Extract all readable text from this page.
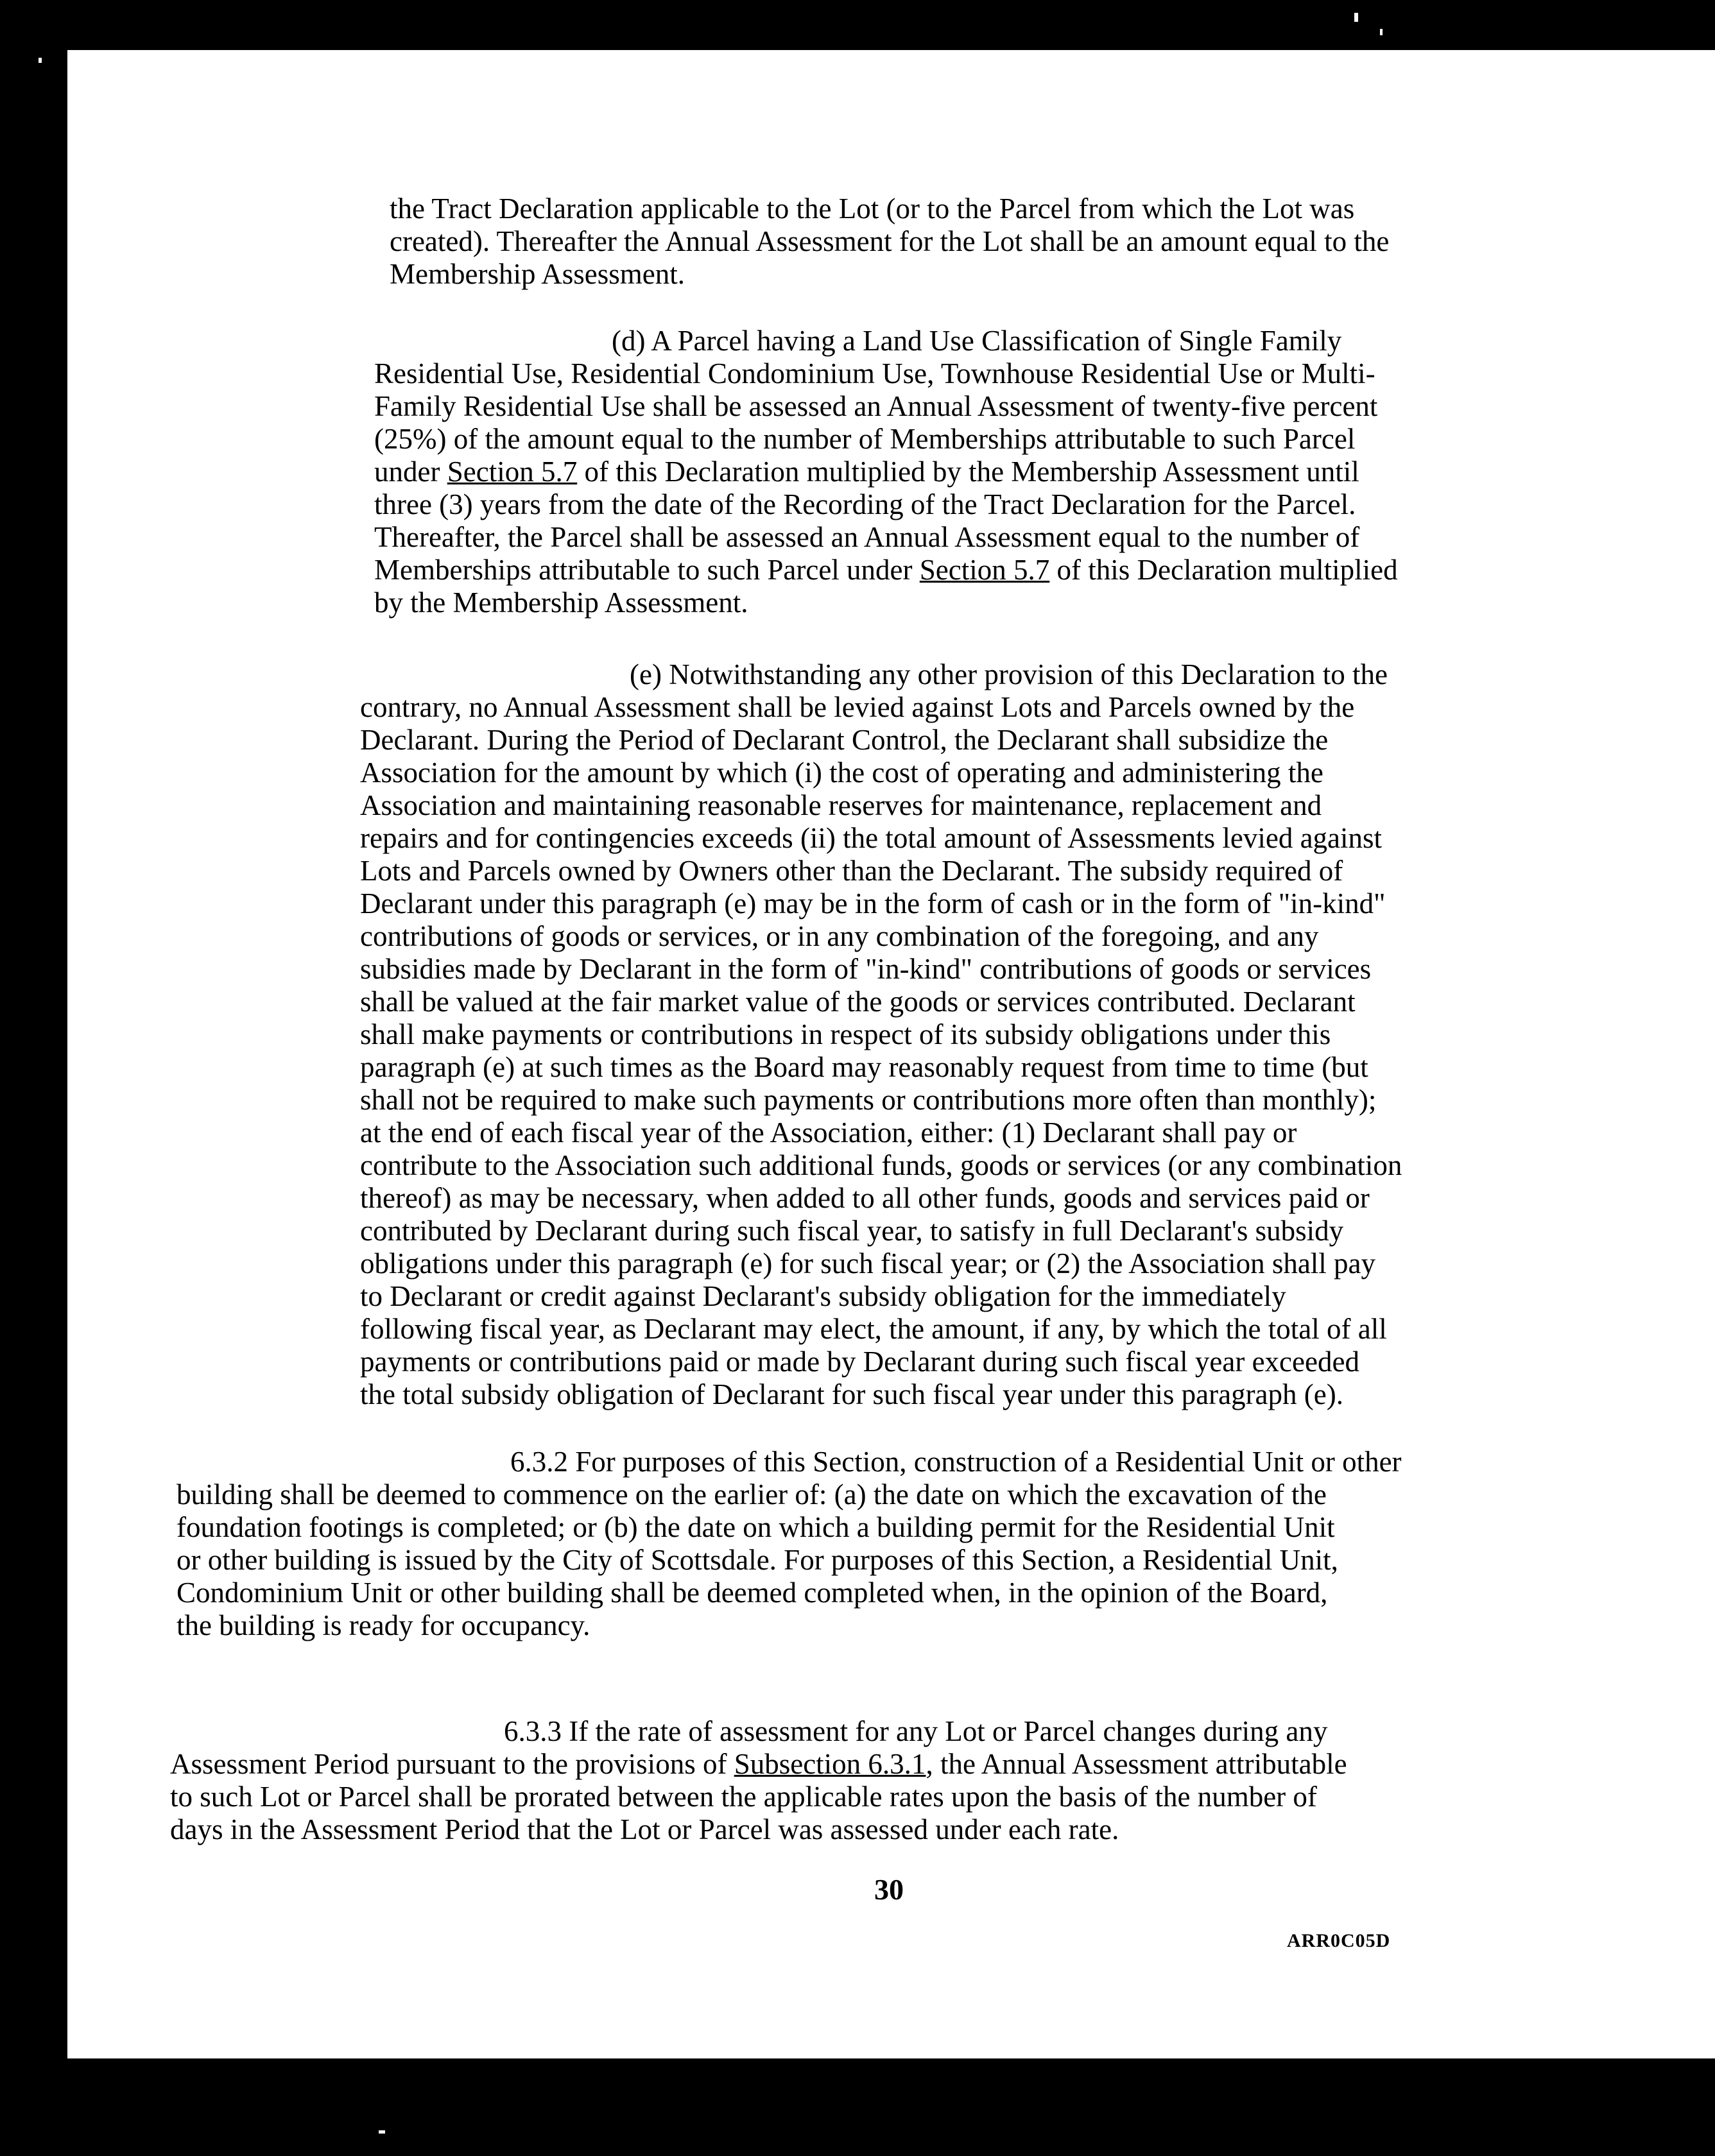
the Tract Declaration applicable to the Lot (or to the Parcel from which the Lot was
created). Thereafter the Annual Assessment for the Lot shall be an amount equal to the
Membership Assessment.
(d) A Parcel having a Land Use Classification of Single Family
Residential Use, Residential Condominium Use, Townhouse Residential Use or Multi-
Family Residential Use shall be assessed an Annual Assessment of twenty-five percent
(25%) of the amount equal to the number of Memberships attributable to such Parcel
under Section 5.7 of this Declaration multiplied by the Membership Assessment until
three (3) years from the date of the Recording of the Tract Declaration for the Parcel.
Thereafter, the Parcel shall be assessed an Annual Assessment equal to the number of
Memberships attributable to such Parcel under Section 5.7 of this Declaration multiplied
by the Membership Assessment.
(e) Notwithstanding any other provision of this Declaration to the
contrary, no Annual Assessment shall be levied against Lots and Parcels owned by the
Declarant. During the Period of Declarant Control, the Declarant shall subsidize the
Association for the amount by which (i) the cost of operating and administering the
Association and maintaining reasonable reserves for maintenance, replacement and
repairs and for contingencies exceeds (ii) the total amount of Assessments levied against
Lots and Parcels owned by Owners other than the Declarant. The subsidy required of
Declarant under this paragraph (e) may be in the form of cash or in the form of "in-kind"
contributions of goods or services, or in any combination of the foregoing, and any
subsidies made by Declarant in the form of "in-kind" contributions of goods or services
shall be valued at the fair market value of the goods or services contributed. Declarant
shall make payments or contributions in respect of its subsidy obligations under this
paragraph (e) at such times as the Board may reasonably request from time to time (but
shall not be required to make such payments or contributions more often than monthly);
at the end of each fiscal year of the Association, either: (1) Declarant shall pay or
contribute to the Association such additional funds, goods or services (or any combination
thereof) as may be necessary, when added to all other funds, goods and services paid or
contributed by Declarant during such fiscal year, to satisfy in full Declarant's subsidy
obligations under this paragraph (e) for such fiscal year; or (2) the Association shall pay
to Declarant or credit against Declarant's subsidy obligation for the immediately
following fiscal year, as Declarant may elect, the amount, if any, by which the total of all
payments or contributions paid or made by Declarant during such fiscal year exceeded
the total subsidy obligation of Declarant for such fiscal year under this paragraph (e).
6.3.2 For purposes of this Section, construction of a Residential Unit or other
building shall be deemed to commence on the earlier of: (a) the date on which the excavation of the
foundation footings is completed; or (b) the date on which a building permit for the Residential Unit
or other building is issued by the City of Scottsdale. For purposes of this Section, a Residential Unit,
Condominium Unit or other building shall be deemed completed when, in the opinion of the Board,
the building is ready for occupancy.
6.3.3 If the rate of assessment for any Lot or Parcel changes during any
Assessment Period pursuant to the provisions of Subsection 6.3.1, the Annual Assessment attributable
to such Lot or Parcel shall be prorated between the applicable rates upon the basis of the number of
days in the Assessment Period that the Lot or Parcel was assessed under each rate.
30
ARR0C05D
